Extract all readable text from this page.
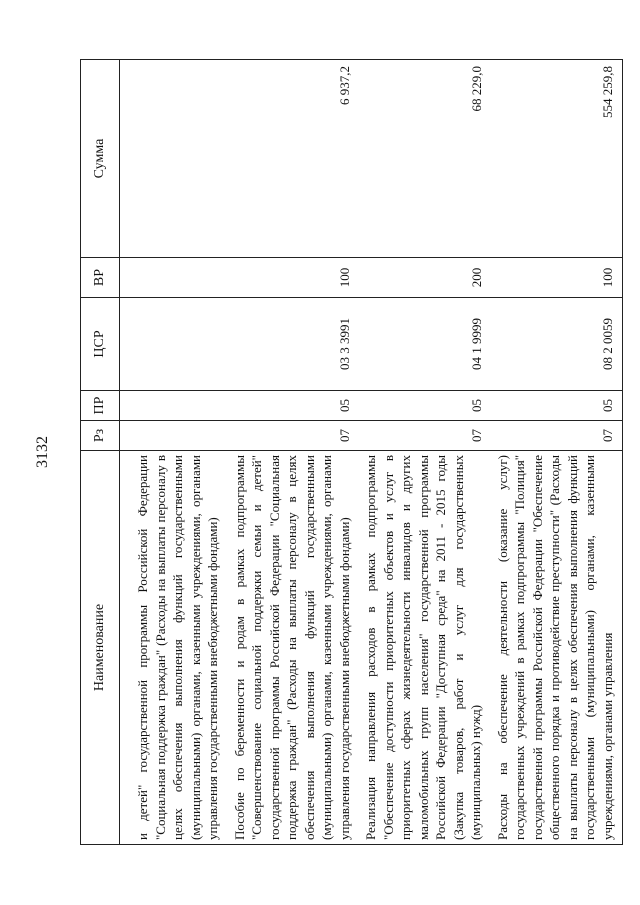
3132
Наименование	Рз	ПР	ЦСР	ВР	Сумма
и детей" государственной программы Российской Федерации "Социальная поддержка граждан" (Расходы на выплаты персоналу в целях обеспечения выполнения функций государственными (муниципальными) органами, казенными учреждениями, органами управления государственными внебюджетными фондами)					
Пособие по беременности и родам в рамках подпрограммы "Совершенствование социальной поддержки семьи и детей" государственной программы Российской Федерации "Социальная поддержка граждан" (Расходы на выплаты персоналу в целях обеспечения выполнения функций государственными (муниципальными) органами, казенными учреждениями, органами управления государственными внебюджетными фондами)	07	05	03 3 3991	100	6 937,2
Реализация направления расходов в рамках подпрограммы "Обеспечение доступности приоритетных объектов и услуг в приоритетных сферах жизнедеятельности инвалидов и других маломобильных групп населения" государственной программы Российской Федерации "Доступная среда" на 2011 - 2015 годы (Закупка товаров, работ и услуг для государственных (муниципальных) нужд)	07	05	04 1 9999	200	68 229,0
Расходы на обеспечение деятельности (оказание услуг) государственных учреждений в рамках подпрограммы "Полиция" государственной программы Российской Федерации "Обеспечение общественного порядка и противодействие преступности" (Расходы на выплаты персоналу в целях обеспечения выполнения функций государственными (муниципальными) органами, казенными учреждениями, органами управления	07	05	08 2 0059	100	554 259,8
